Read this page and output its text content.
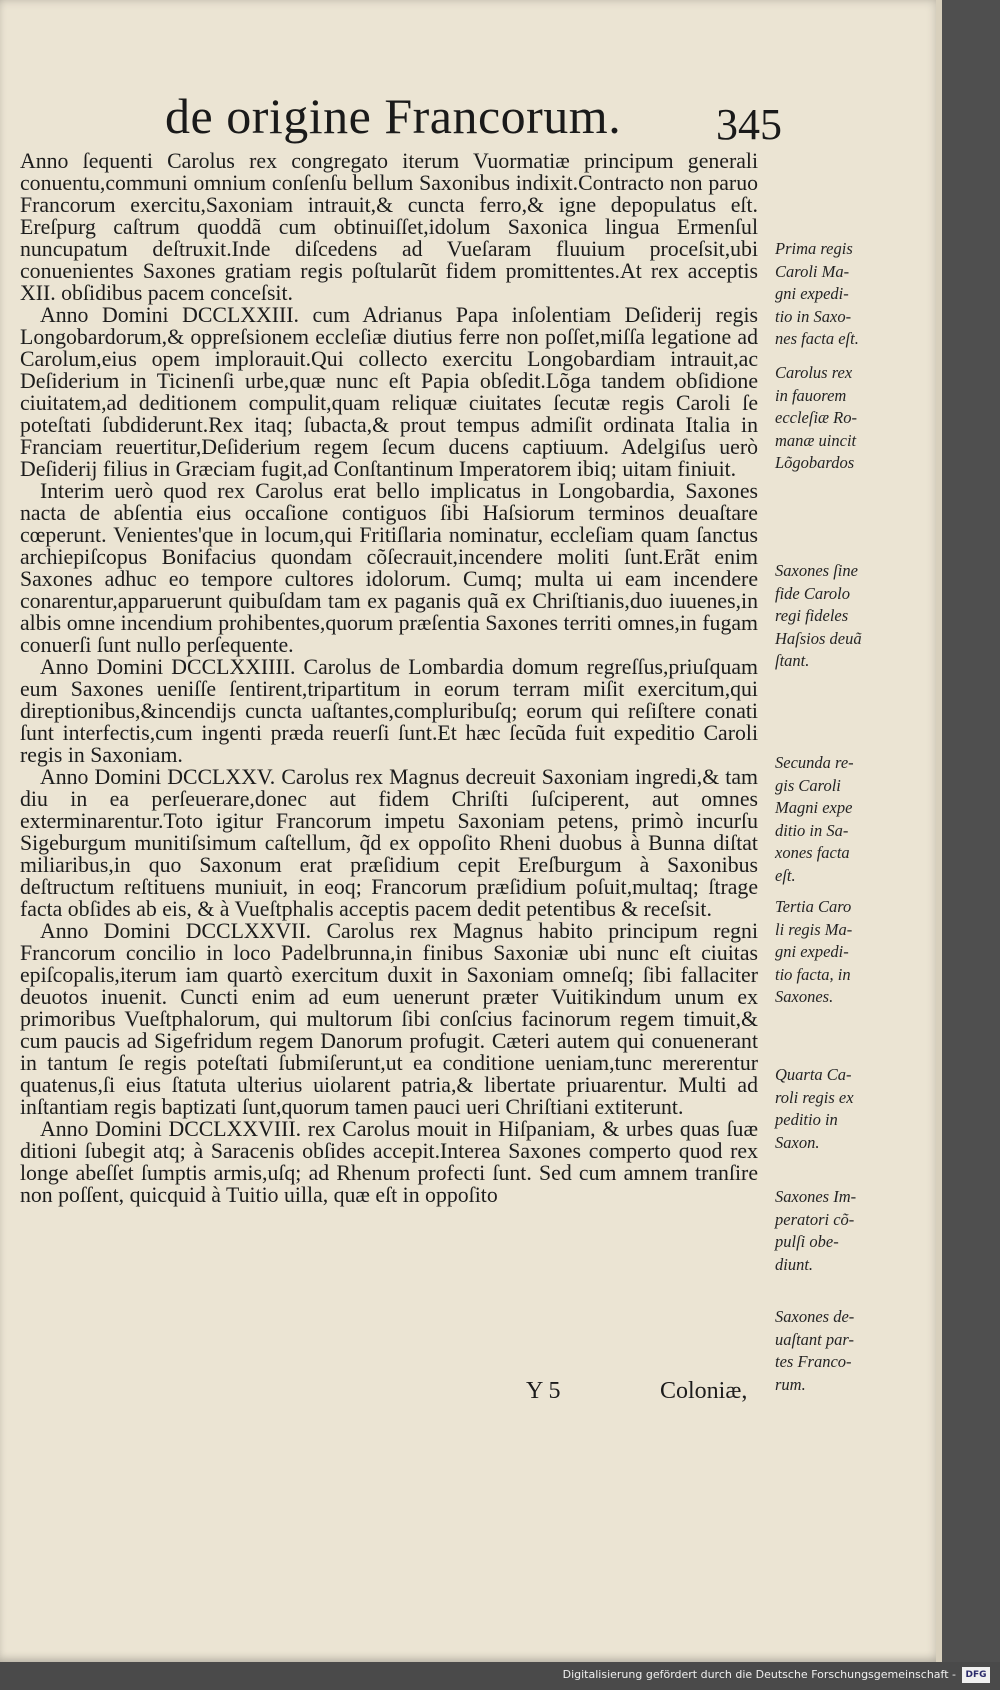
de origine Francorum. 345

Anno ſequenti Carolus rex congregato iterum Vuormatiæ principum generali conuentu,communi omnium conſenſu bellum Saxonibus indixit.Contracto non paruo Francorum exercitu,Saxoniam intrauit,& cuncta ferro,& igne depopulatus eſt. Ereſpurg caſtrum quoddã cum obtinuiſſet,idolum Saxonica lingua Ermenſul nuncupatum deſtruxit.Inde diſcedens ad Vueſaram fluuium proceſsit,ubi conuenientes Saxones gratiam regis poſtularũt fidem promittentes.At rex acceptis XII. obſidibus pacem conceſsit.

Anno Domini DCCLXXIII. cum Adrianus Papa inſolentiam Deſiderij regis Longobardorum,& oppreſsionem eccleſiæ diutius ferre non poſſet,miſſa legatione ad Carolum,eius opem implorauit.Qui collecto exercitu Longobardiam intrauit,ac Deſiderium in Ticinenſi urbe,quæ nunc eſt Papia obſedit.Lõga tandem obſidione ciuitatem,ad deditionem compulit,quam reliquæ ciuitates ſecutæ regis Caroli ſe poteſtati ſubdiderunt.Rex itaq; ſubacta,& prout tempus admiſit ordinata Italia in Franciam reuertitur,Deſiderium regem ſecum ducens captiuum. Adelgiſus uerò Deſiderij filius in Græciam fugit,ad Conſtantinum Imperatorem ibiq; uitam finiuit.

Interim uerò quod rex Carolus erat bello implicatus in Longobardia, Saxones nacta de abſentia eius occaſione contiguos ſibi Haſsiorum terminos deuaſtare cœperunt. Venientes'que in locum,qui Fritiſlaria nominatur, eccleſiam quam ſanctus archiepiſcopus Bonifacius quondam cõſecrauit,incendere moliti ſunt.Erãt enim Saxones adhuc eo tempore cultores idolorum. Cumq; multa ui eam incendere conarentur,apparuerunt quibuſdam tam ex paganis quã ex Chriſtianis,duo iuuenes,in albis omne incendium prohibentes,quorum præſentia Saxones territi omnes,in fugam conuerſi ſunt nullo perſequente.

Anno Domini DCCLXXIIII. Carolus de Lombardia domum regreſſus,priuſquam eum Saxones ueniſſe ſentirent,tripartitum in eorum terram miſit exercitum,qui direptionibus,&incendijs cuncta uaſtantes,compluribuſq; eorum qui reſiſtere conati ſunt interfectis,cum ingenti præda reuerſi ſunt.Et hæc ſecũda fuit expeditio Caroli regis in Saxoniam.

Anno Domini DCCLXXV. Carolus rex Magnus decreuit Saxoniam ingredi,& tam diu in ea perſeuerare,donec aut fidem Chriſti ſuſciperent, aut omnes exterminarentur.Toto igitur Francorum impetu Saxoniam petens, primò incurſu Sigeburgum munitiſsimum caſtellum, q̃d ex oppoſito Rheni duobus à Bunna diſtat miliaribus,in quo Saxonum erat præſidium cepit Ereſburgum à Saxonibus deſtructum reſtituens muniuit, in eoq; Francorum præſidium poſuit,multaq; ſtrage facta obſides ab eis, & à Vueſtphalis acceptis pacem dedit petentibus & receſsit.

Anno Domini DCCLXXVII. Carolus rex Magnus habito principum regni Francorum concilio in loco Padelbrunna,in finibus Saxoniæ ubi nunc eſt ciuitas epiſcopalis,iterum iam quartò exercitum duxit in Saxoniam omneſq; ſibi fallaciter deuotos inuenit. Cuncti enim ad eum uenerunt præter Vuitikindum unum ex primoribus Vueſtphalorum, qui multorum ſibi conſcius facinorum regem timuit,& cum paucis ad Sigefridum regem Danorum profugit. Cæteri autem qui conuenerant in tantum ſe regis poteſtati ſubmiſerunt,ut ea conditione ueniam,tunc mererentur quatenus,ſi eius ſtatuta ulterius uiolarent patria,& libertate priuarentur. Multi ad inſtantiam regis baptizati ſunt,quorum tamen pauci ueri Chriſtiani extiterunt.

Anno Domini DCCLXXVIII. rex Carolus mouit in Hiſpaniam, & urbes quas ſuæ ditioni ſubegit atq; à Saracenis obſides accepit.Interea Saxones comperto quod rex longe abeſſet ſumptis armis,uſq; ad Rhenum profecti ſunt. Sed cum amnem tranſire non poſſent, quicquid à Tuitio uilla, quæ eſt in oppoſito

Prima regis
Caroli Ma-
gni expedi-
tio in Saxo-
nes facta eſt.
Carolus rex
in fauorem
eccleſiæ Ro-
manæ uincit
Lõgobardos
Saxones ſine
fide Carolo
regi fideles
Haſsios deuã
ſtant.
Secunda re-
gis Caroli
Magni expe
ditio in Sa-
xones facta
eſt.
Tertia Caro
li regis Ma-
gni expedi-
tio facta, in
Saxones.
Quarta Ca-
roli regis ex
peditio in
Saxon.
Saxones Im-
peratori cõ-
pulſi obe-
diunt.
Saxones de-
uaſtant par-
tes Franco-
rum.
Y 5	Coloniæ,
Digitalisierung gefördert durch die Deutsche Forschungsgemeinschaft -	DFG
